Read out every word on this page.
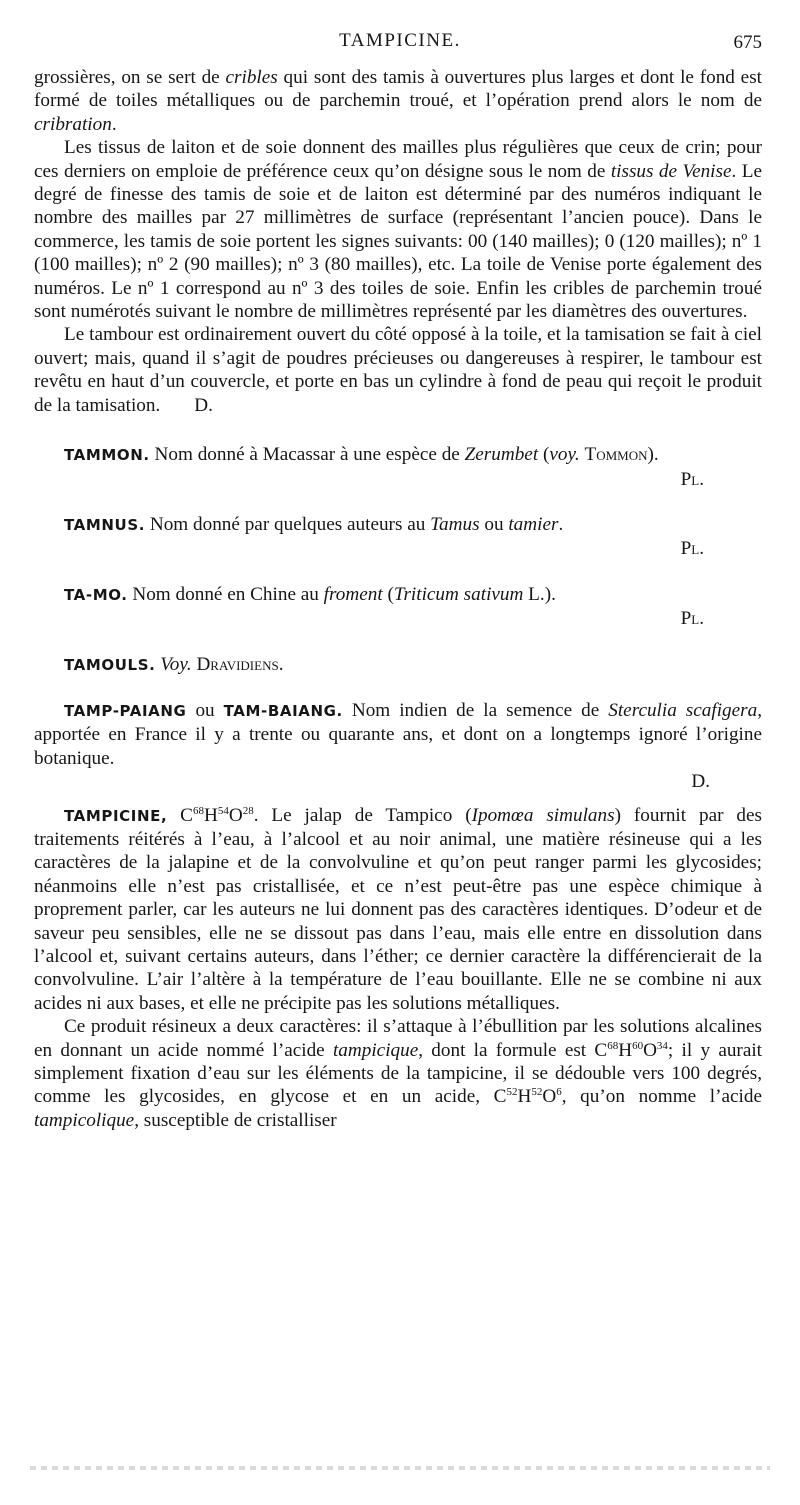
TAMPICINE.	675

grossières, on se sert de cribles qui sont des tamis à ouvertures plus larges et dont le fond est formé de toiles métalliques ou de parchemin troué, et l’opération prend alors le nom de cribration.

Les tissus de laiton et de soie donnent des mailles plus régulières que ceux de crin; pour ces derniers on emploie de préférence ceux qu’on désigne sous le nom de tissus de Venise. Le degré de finesse des tamis de soie et de laiton est déterminé par des numéros indiquant le nombre des mailles par 27 millimètres de surface (représentant l’ancien pouce). Dans le commerce, les tamis de soie portent les signes suivants: 00 (140 mailles); 0 (120 mailles); nº 1 (100 mailles); nº 2 (90 mailles); nº 3 (80 mailles), etc. La toile de Venise porte également des numéros. Le nº 1 correspond au nº 3 des toiles de soie. Enfin les cribles de parchemin troué sont numérotés suivant le nombre de millimètres représenté par les diamètres des ouvertures.

Le tambour est ordinairement ouvert du côté opposé à la toile, et la tamisation se fait à ciel ouvert; mais, quand il s’agit de poudres précieuses ou dangereuses à respirer, le tambour est revêtu en haut d’un couvercle, et porte en bas un cylindre à fond de peau qui reçoit le produit de la tamisation. D.

TAMMON. Nom donné à Macassar à une espèce de Zerumbet (voy. Tommon).

Pl.

TAMNUS. Nom donné par quelques auteurs au Tamus ou tamier.

Pl.

TA-MO. Nom donné en Chine au froment (Triticum sativum L.).

Pl.

TAMOULS. Voy. Dravidiens.

TAMP-PAIANG ou TAM-BAIANG. Nom indien de la semence de Sterculia scafigera, apportée en France il y a trente ou quarante ans, et dont on a longtemps ignoré l’origine botanique.

D.

TAMPICINE, $C^{68}H^{54}O^{28}$. Le jalap de Tampico (Ipomœa simulans) fournit par des traitements réitérés à l’eau, à l’alcool et au noir animal, une matière résineuse qui a les caractères de la jalapine et de la convolvuline et qu’on peut ranger parmi les glycosides; néanmoins elle n’est pas cristallisée, et ce n’est peut-être pas une espèce chimique à proprement parler, car les auteurs ne lui donnent pas des caractères identiques. D’odeur et de saveur peu sensibles, elle ne se dissout pas dans l’eau, mais elle entre en dissolution dans l’alcool et, suivant certains auteurs, dans l’éther; ce dernier caractère la différencierait de la convolvuline. L’air l’altère à la température de l’eau bouillante. Elle ne se combine ni aux acides ni aux bases, et elle ne précipite pas les solutions métalliques.

Ce produit résineux a deux caractères: il s’attaque à l’ébullition par les solutions alcalines en donnant un acide nommé l’acide tampicique, dont la formule est $C^{68}H^{60}O^{34}$; il y aurait simplement fixation d’eau sur les éléments de la tampicine, il se dédouble vers 100 degrés, comme les glycosides, en glycose et en un acide, $C^{52}H^{52}O^6$, qu’on nomme l’acide tampicolique, susceptible de cristalliser
